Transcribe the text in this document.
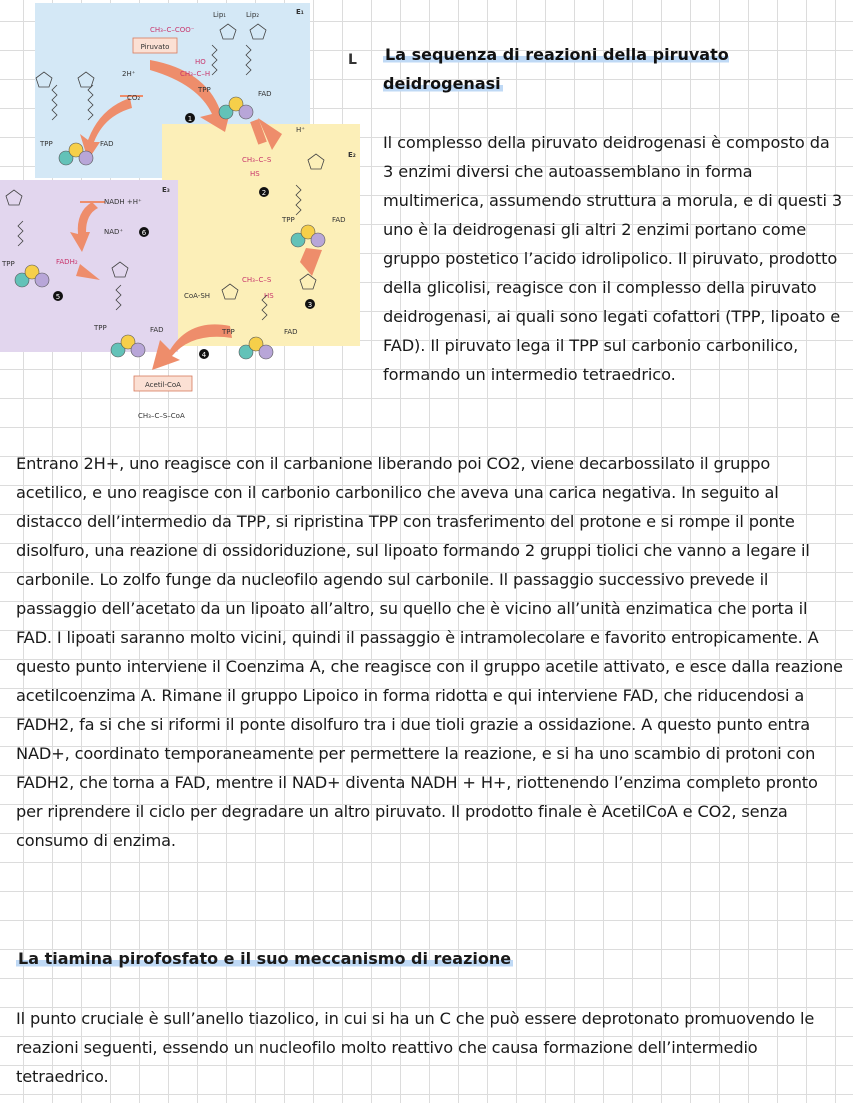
Piruvato
CH₃–C–COO⁻
Lip₁	Lip₂	E₁
E₂
E₃
2H⁺
CO₂
HO
CH₃–C–H
TPP	FAD
H⁺
CH₃–C–S
HS
TPP	FAD
CH₃–C–S
HS
CoA-SH
TPP	FAD
NADH +H⁺
NAD⁺
FADH₂
TPP	FAD
TPP
TPP	FAD
Acetil-CoA
CH₃–C–S–CoA
1
2
3
4
5
6
L La sequenza di reazioni della piruvato deidrogenasi

Il complesso della piruvato deidrogenasi è composto da 3 enzimi diversi che autoassemblano in forma multimerica, assumendo struttura a morula, e di questi 3 uno è la deidrogenasi gli altri 2 enzimi portano come gruppo postetico l’acido idrolipolico. Il piruvato, prodotto della glicolisi, reagisce con il complesso della piruvato deidrogenasi, ai quali sono legati cofattori (TPP, lipoato e FAD). Il piruvato lega il TPP sul carbonio carbonilico, formando un intermedio tetraedrico.

Entrano 2H+, uno reagisce con il carbanione liberando poi CO2, viene decarbossilato il gruppo acetilico, e uno reagisce con il carbonio carbonilico che aveva una carica negativa. In seguito al distacco dell’intermedio da TPP, si ripristina TPP con trasferimento del protone e si rompe il ponte disolfuro, una reazione di ossidoriduzione, sul lipoato formando 2 gruppi tiolici che vanno a legare il carbonile. Lo zolfo funge da nucleofilo agendo sul carbonile. Il passaggio successivo prevede il passaggio dell’acetato da un lipoato all’altro, su quello che è vicino all’unità enzimatica che porta il FAD. I lipoati saranno molto vicini, quindi il passaggio è intramolecolare e favorito entropicamente. A questo punto interviene il Coenzima A, che reagisce con il gruppo acetile attivato, e esce dalla reazione acetilcoenzima A. Rimane il gruppo Lipoico in forma ridotta e qui interviene FAD, che riducendosi a FADH2, fa si che si riformi il ponte disolfuro tra i due tioli grazie a ossidazione. A questo punto entra NAD+, coordinato temporaneamente per permettere la reazione, e si ha uno scambio di protoni con FADH2, che torna a FAD, mentre il NAD+ diventa NADH + H+, riottenendo l’enzima completo pronto per riprendere il ciclo per degradare un altro piruvato. Il prodotto finale è AcetilCoA e CO2, senza consumo di enzima.

La tiamina pirofosfato e il suo meccanismo di reazione

Il punto cruciale è sull’anello tiazolico, in cui si ha un C che può essere deprotonato promuovendo le reazioni seguenti, essendo un nucleofilo molto reattivo che causa formazione dell’intermedio tetraedrico.
